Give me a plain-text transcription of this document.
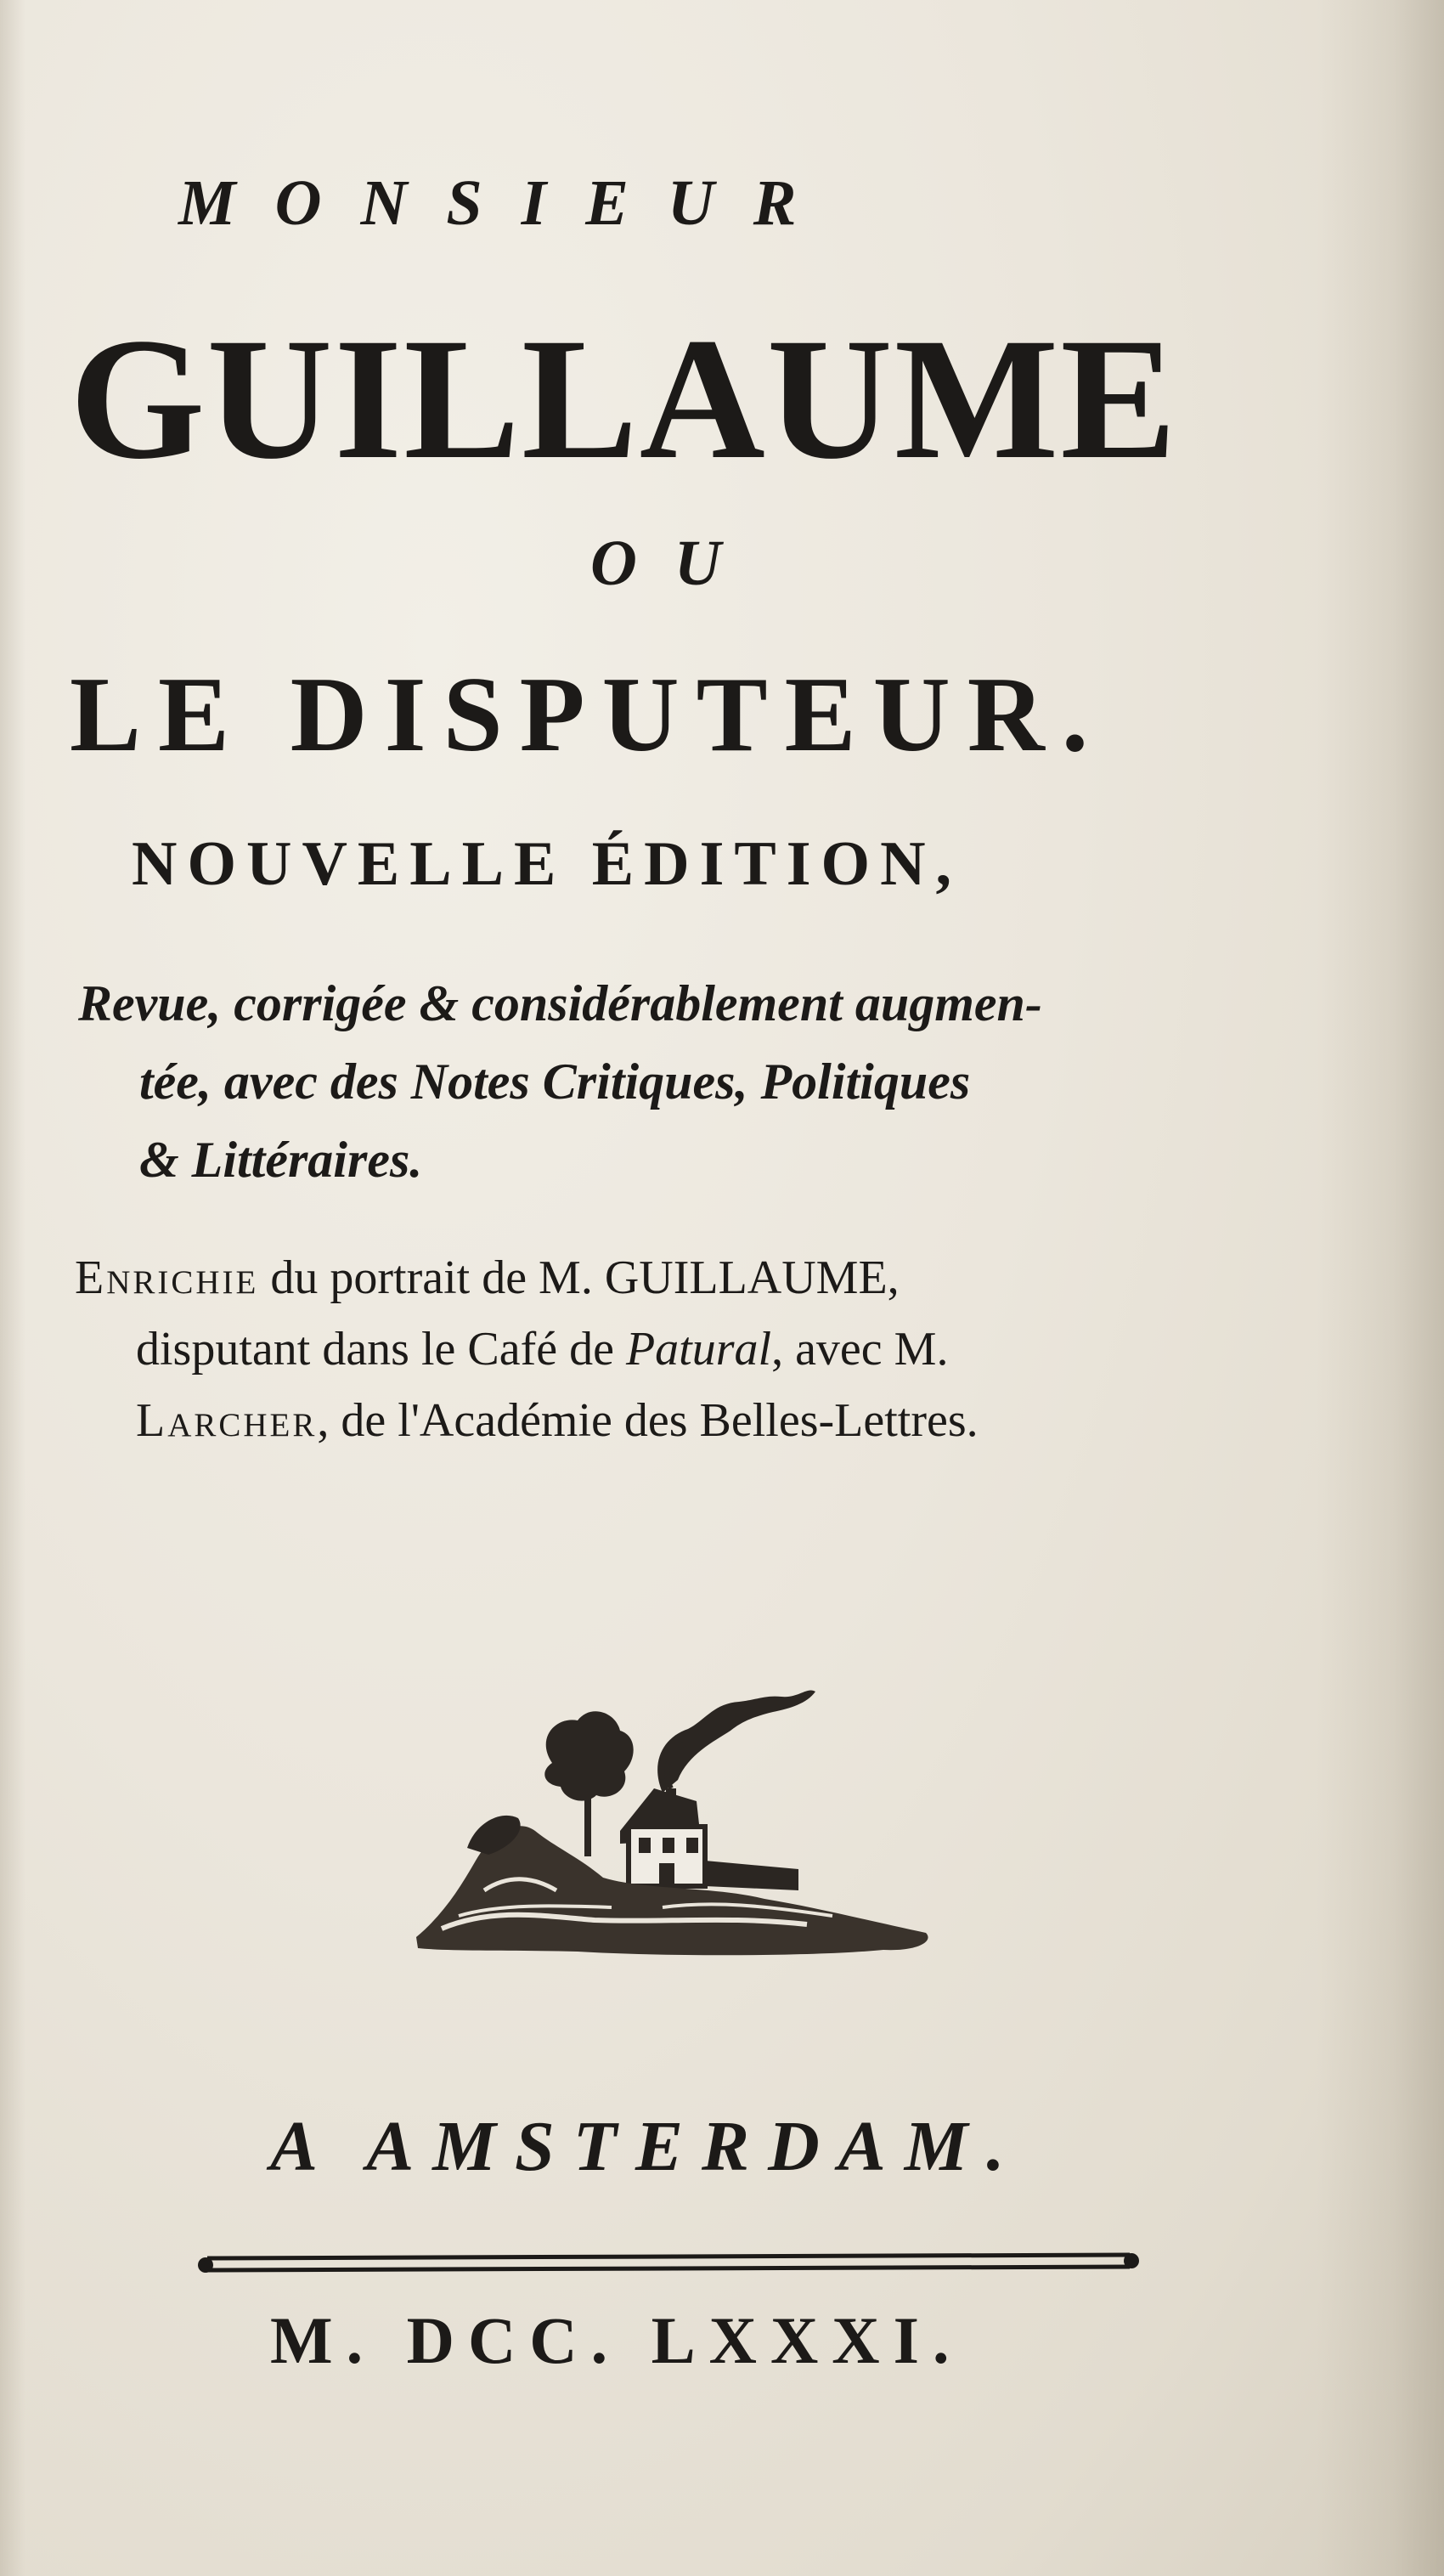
MONSIEUR
GUILLAUME
OU
LE DISPUTEUR.
NOUVELLE ÉDITION,
Revue, corrigée & considérablement augmen-
tée, avec des Notes Critiques, Politiques
& Littéraires.
Enrichie du portrait de M. GUILLAUME,
disputant dans le Café de Patural, avec M.
Larcher, de l'Académie des Belles-Lettres.
A AMSTERDAM.
M. DCC. LXXXI.
